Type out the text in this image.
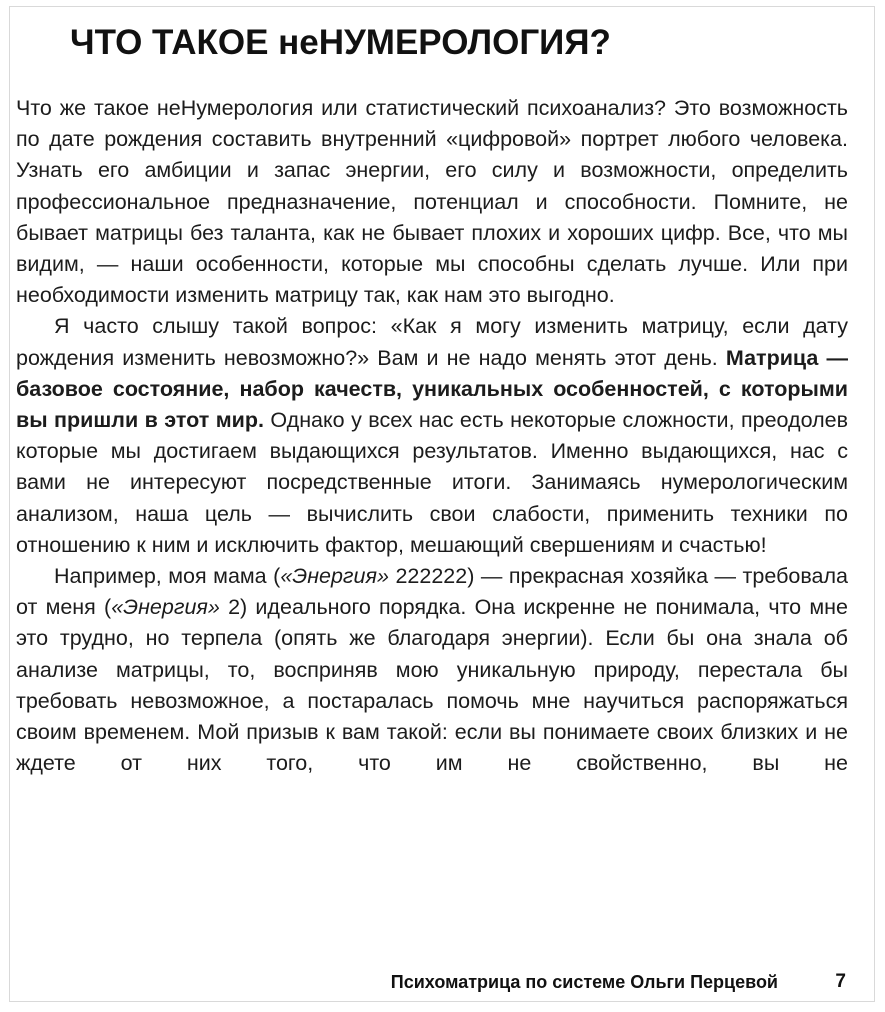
ЧТО ТАКОЕ неНУМЕРОЛОГИЯ?

Что же такое неНумерология или статистический психоанализ? Это возможность по дате рождения составить внутренний «цифровой» портрет любого человека. Узнать его амбиции и запас энергии, его силу и возможности, определить профессиональное предназначение, потенциал и способности. Помните, не бывает матрицы без таланта, как не бывает плохих и хороших цифр. Все, что мы видим, — наши особенности, которые мы способны сделать лучше. Или при необходимости изменить матрицу так, как нам это выгодно.

Я часто слышу такой вопрос: «Как я могу изменить матрицу, если дату рождения изменить невозможно?» Вам и не надо менять этот день. Матрица — базовое состояние, набор качеств, уникальных особенностей, с которыми вы пришли в этот мир. Однако у всех нас есть некоторые сложности, преодолев которые мы достигаем выдающихся результатов. Именно выдающихся, нас с вами не интересуют посредственные итоги. Занимаясь нумерологическим анализом, наша цель — вычислить свои слабости, применить техники по отношению к ним и исключить фактор, мешающий свершениям и счастью!

Например, моя мама («Энергия» 222222) — прекрасная хозяйка — требовала от меня («Энергия» 2) идеального порядка. Она искренне не понимала, что мне это трудно, но терпела (опять же благодаря энергии). Если бы она знала об анализе матрицы, то, восприняв мою уникальную природу, перестала бы требовать невозможное, а постаралась помочь мне научиться распоряжаться своим временем. Мой призыв к вам такой: если вы понимаете своих близких и не ждете от них того, что им не свойственно, вы не

Психоматрица по системе Ольги Перцевой	7
